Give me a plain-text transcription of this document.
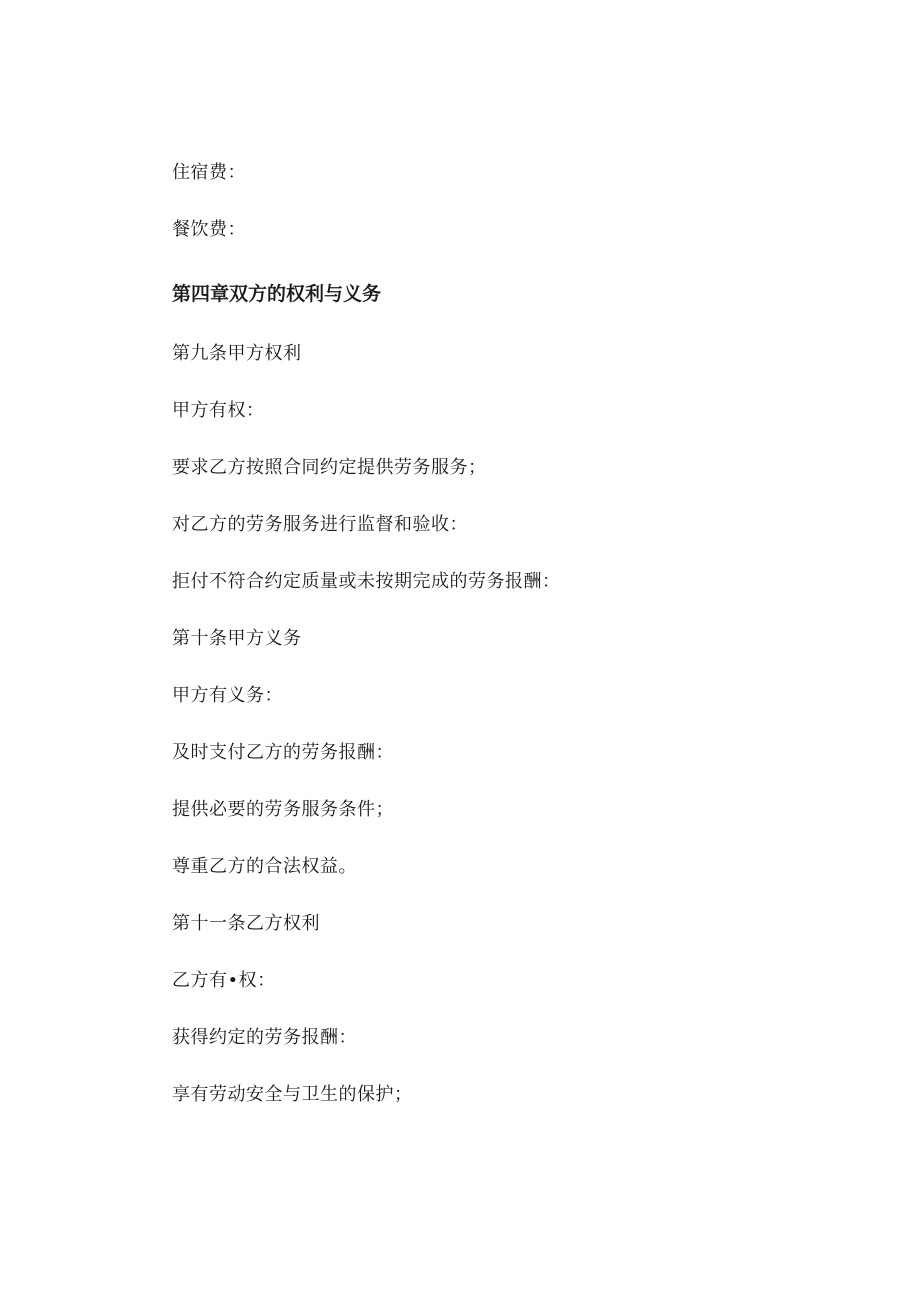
住宿费：
餐饮费：
第四章双方的权利与义务
第九条甲方权利
甲方有权：
要求乙方按照合同约定提供劳务服务；
对乙方的劳务服务进行监督和验收：
拒付不符合约定质量或未按期完成的劳务报酬：
第十条甲方义务
甲方有义务：
及时支付乙方的劳务报酬：
提供必要的劳务服务条件；
尊重乙方的合法权益。
第十一条乙方权利
乙方有•权：
获得约定的劳务报酬：
享有劳动安全与卫生的保护；
